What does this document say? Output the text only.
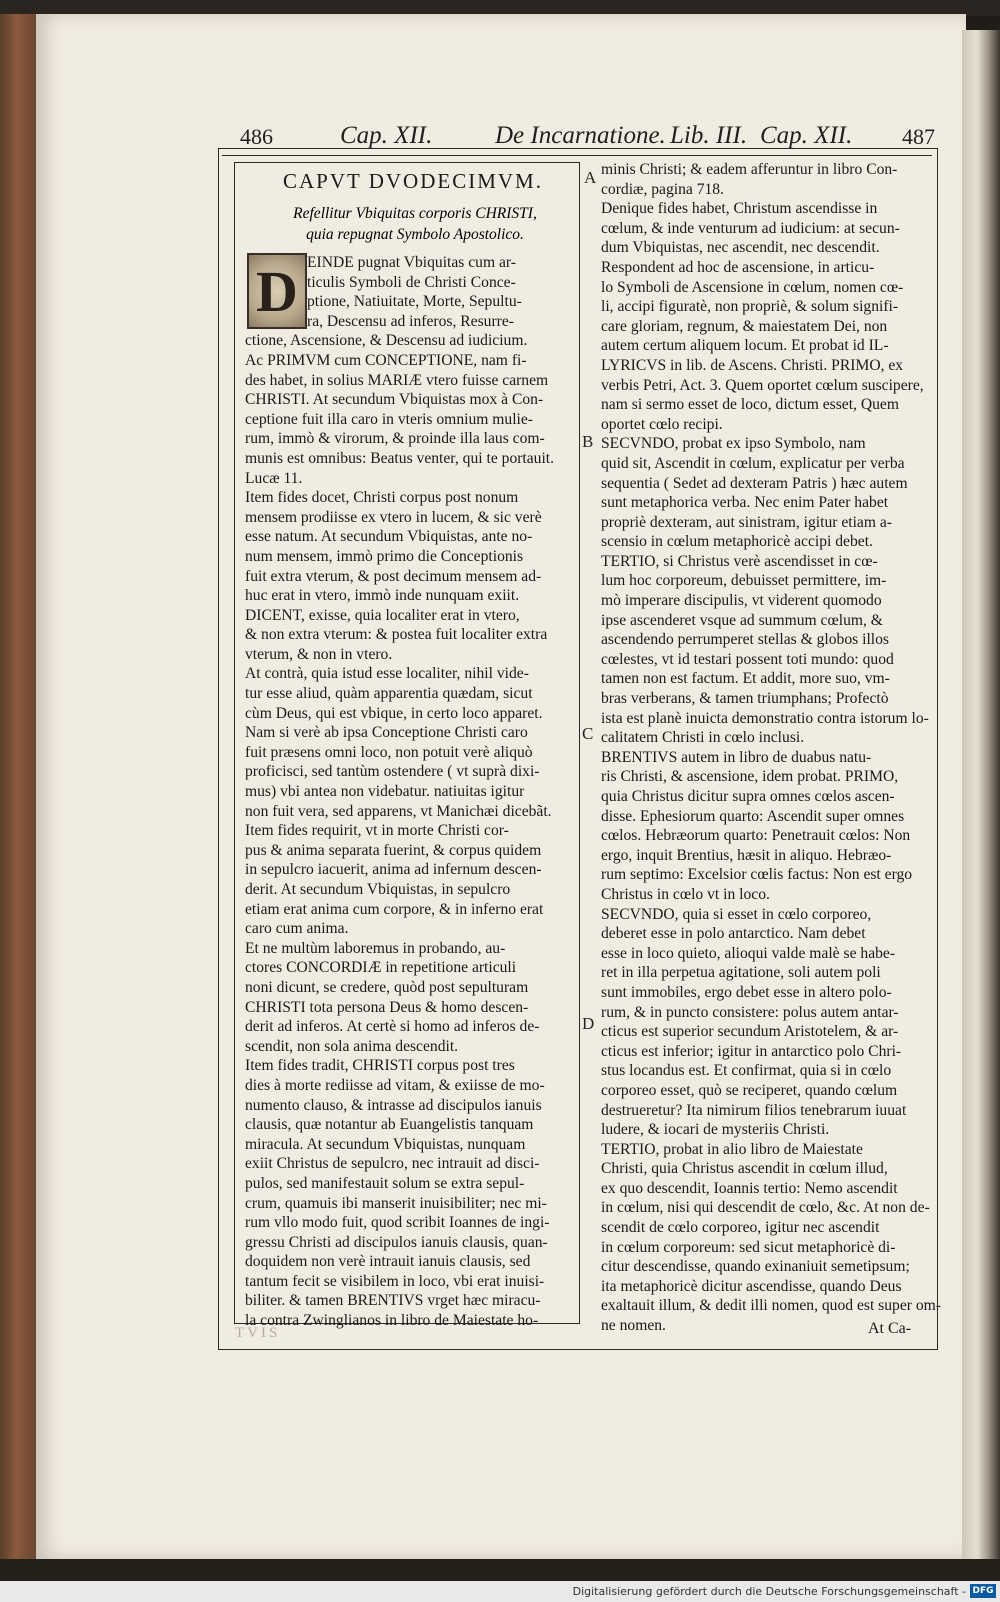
486	Cap. XII.	De Incarnatione. Lib. III. Cap. XII. 487
CAPVT DVODECIMVM.
Refellitur Vbiquitas corporis CHRISTI,
quia repugnat Symbolo Apostolico.
D EINDE pugnat Vbiquitas cum ar-
ticulis Symboli de Christi Conce-
ptione, Natiuitate, Morte, Sepultu-
ra, Descensu ad inferos, Resurre-
ctione, Ascensione, & Descensu ad iudicium.
Ac PRIMVM cum CONCEPTIONE, nam fi-
des habet, in solius MARIÆ vtero fuisse carnem
CHRISTI. At secundum Vbiquistas mox à Con-
ceptione fuit illa caro in vteris omnium mulie-
rum, immò & virorum, & proinde illa laus com-
munis est omnibus: Beatus venter, qui te portauit.
Lucæ 11.
Item fides docet, Christi corpus post nonum
mensem prodiisse ex vtero in lucem, & sic verè
esse natum. At secundum Vbiquistas, ante no-
num mensem, immò primo die Conceptionis
fuit extra vterum, & post decimum mensem ad-
huc erat in vtero, immò inde nunquam exiit.
DICENT, exisse, quia localiter erat in vtero,
& non extra vterum: & postea fuit localiter extra
vterum, & non in vtero.
At contrà, quia istud esse localiter, nihil vide-
tur esse aliud, quàm apparentia quædam, sicut
cùm Deus, qui est vbique, in certo loco apparet.
Nam si verè ab ipsa Conceptione Christi caro
fuit præsens omni loco, non potuit verè aliquò
proficisci, sed tantùm ostendere ( vt suprà dixi-
mus) vbi antea non videbatur. natiuitas igitur
non fuit vera, sed apparens, vt Manichæi dicebãt.
Item fides requirit, vt in morte Christi cor-
pus & anima separata fuerint, & corpus quidem
in sepulcro iacuerit, anima ad infernum descen-
derit. At secundum Vbiquistas, in sepulcro
etiam erat anima cum corpore, & in inferno erat
caro cum anima.
Et ne multùm laboremus in probando, au-
ctores CONCORDIÆ in repetitione articuli
noni dicunt, se credere, quòd post sepulturam
CHRISTI tota persona Deus & homo descen-
derit ad inferos. At certè si homo ad inferos de-
scendit, non sola anima descendit.
Item fides tradit, CHRISTI corpus post tres
dies à morte rediisse ad vitam, & exiisse de mo-
numento clauso, & intrasse ad discipulos ianuis
clausis, quæ notantur ab Euangelistis tanquam
miracula. At secundum Vbiquistas, nunquam
exiit Christus de sepulcro, nec intrauit ad disci-
pulos, sed manifestauit solum se extra sepul-
crum, quamuis ibi manserit inuisibiliter; nec mi-
rum vllo modo fuit, quod scribit Ioannes de ingi-
gressu Christi ad discipulos ianuis clausis, quan-
doquidem non verè intrauit ianuis clausis, sed
tantum fecit se visibilem in loco, vbi erat inuisi-
biliter. & tamen BRENTIVS vrget hæc miracu-
la contra Zwinglianos in libro de Maiestate ho-
minis Christi; & eadem afferuntur in libro Con-
cordiæ, pagina 718.
Denique fides habet, Christum ascendisse in
cœlum, & inde venturum ad iudicium: at secun-
dum Vbiquistas, nec ascendit, nec descendit.
Respondent ad hoc de ascensione, in articu-
lo Symboli de Ascensione in cœlum, nomen cœ-
li, accipi figuratè, non propriè, & solum signifi-
care gloriam, regnum, & maiestatem Dei, non
autem certum aliquem locum. Et probat id IL-
LYRICVS in lib. de Ascens. Christi. PRIMO, ex
verbis Petri, Act. 3. Quem oportet cœlum suscipere,
nam si sermo esset de loco, dictum esset, Quem
oportet cœlo recipi.
SECVNDO, probat ex ipso Symbolo, nam
quid sit, Ascendit in cœlum, explicatur per verba
sequentia ( Sedet ad dexteram Patris ) hæc autem
sunt metaphorica verba. Nec enim Pater habet
propriè dexteram, aut sinistram, igitur etiam a-
scensio in cœlum metaphoricè accipi debet.
TERTIO, si Christus verè ascendisset in cœ-
lum hoc corporeum, debuisset permittere, im-
mò imperare discipulis, vt viderent quomodo
ipse ascenderet vsque ad summum cœlum, &
ascendendo perrumperet stellas & globos illos
cœlestes, vt id testari possent toti mundo: quod
tamen non est factum. Et addit, more suo, vm-
bras verberans, & tamen triumphans; Profectò
ista est planè inuicta demonstratio contra istorum lo-
calitatem Christi in cœlo inclusi.
BRENTIVS autem in libro de duabus natu-
ris Christi, & ascensione, idem probat. PRIMO,
quia Christus dicitur supra omnes cœlos ascen-
disse. Ephesiorum quarto: Ascendit super omnes
cœlos. Hebræorum quarto: Penetrauit cœlos: Non
ergo, inquit Brentius, hæsit in aliquo. Hebræo-
rum septimo: Excelsior cœlis factus: Non est ergo
Christus in cœlo vt in loco.
SECVNDO, quia si esset in cœlo corporeo,
deberet esse in polo antarctico. Nam debet
esse in loco quieto, alioqui valde malè se habe-
ret in illa perpetua agitatione, soli autem poli
sunt immobiles, ergo debet esse in altero polo-
rum, & in puncto consistere: polus autem antar-
cticus est superior secundum Aristotelem, & ar-
cticus est inferior; igitur in antarctico polo Chri-
stus locandus est. Et confirmat, quia si in cœlo
corporeo esset, quò se reciperet, quando cœlum
destrueretur? Ita nimirum filios tenebrarum iuuat
ludere, & iocari de mysteriis Christi.
TERTIO, probat in alio libro de Maiestate
Christi, quia Christus ascendit in cœlum illud,
ex quo descendit, Ioannis tertio: Nemo ascendit
in cœlum, nisi qui descendit de cœlo, &c. At non de-
scendit de cœlo corporeo, igitur nec ascendit
in cœlum corporeum: sed sicut metaphoricè di-
citur descendisse, quando exinaniuit semetipsum;
ita metaphoricè dicitur ascendisse, quando Deus
exaltauit illum, & dedit illi nomen, quod est super om-
ne nomen.
A
B
C
D
At Ca-
TVIS
Digitalisierung gefördert durch die Deutsche Forschungsgemeinschaft - DFG
